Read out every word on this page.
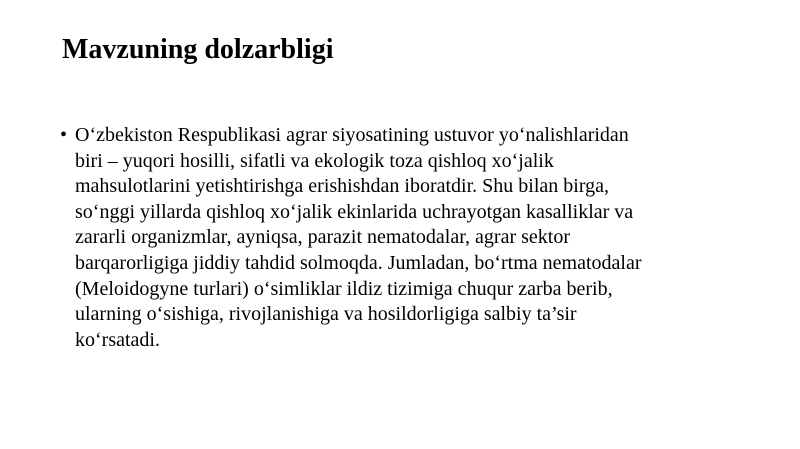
Mavzuning dolzarbligi
• O‘zbekiston Respublikasi agrar siyosatining ustuvor yo‘nalishlaridan
biri – yuqori hosilli, sifatli va ekologik toza qishloq xo‘jalik
mahsulotlarini yetishtirishga erishishdan iboratdir. Shu bilan birga,
so‘nggi yillarda qishloq xo‘jalik ekinlarida uchrayotgan kasalliklar va
zararli organizmlar, ayniqsa, parazit nematodalar, agrar sektor
barqarorligiga jiddiy tahdid solmoqda. Jumladan, bo‘rtma nematodalar
(Meloidogyne turlari) o‘simliklar ildiz tizimiga chuqur zarba berib,
ularning o‘sishiga, rivojlanishiga va hosildorligiga salbiy ta’sir
ko‘rsatadi.
